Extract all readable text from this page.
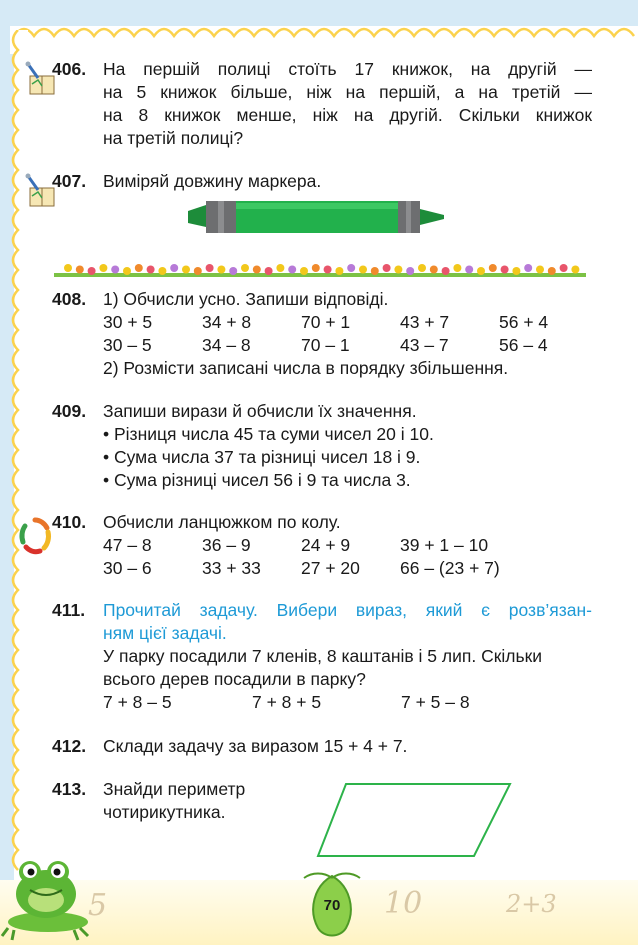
406. На першій полиці стоїть 17 книжок, на другій —
на 5 книжок більше, ніж на першій, а на третій —
на 8 книжок менше, ніж на другій. Скільки книжок
на третій полиці?
407. Виміряй довжину маркера.
408. 1) Обчисли усно. Запиши відповіді.
30 + 5	34 + 8	70 + 1	43 + 7	56 + 4
30 – 5	34 – 8	70 – 1	43 – 7	56 – 4
2) Розмісти записані числа в порядку збільшення.
409. Запиши вирази й обчисли їх значення.
• Різниця числа 45 та суми чисел 20 і 10.
• Сума числа 37 та різниці чисел 18 і 9.
• Сума різниці чисел 56 і 9 та числа 3.
410. Обчисли ланцюжком по колу.
47 – 8	36 – 9	24 + 9	39 + 1 – 10
30 – 6	33 + 33	27 + 20	66 – (23 + 7)
411.	Прочитай задачу. Вибери вираз, який є розв’язан-
ням цієї задачі.
У парку посадили 7 кленів, 8 каштанів і 5 лип. Скільки
всього дерев посадили в парку?
7 + 8 – 5	7 + 8 + 5	7 + 5 – 8
412. Склади задачу за виразом 15 + 4 + 7.
413. Знайди периметр
чотирикутника.
5	10	2+3
70
